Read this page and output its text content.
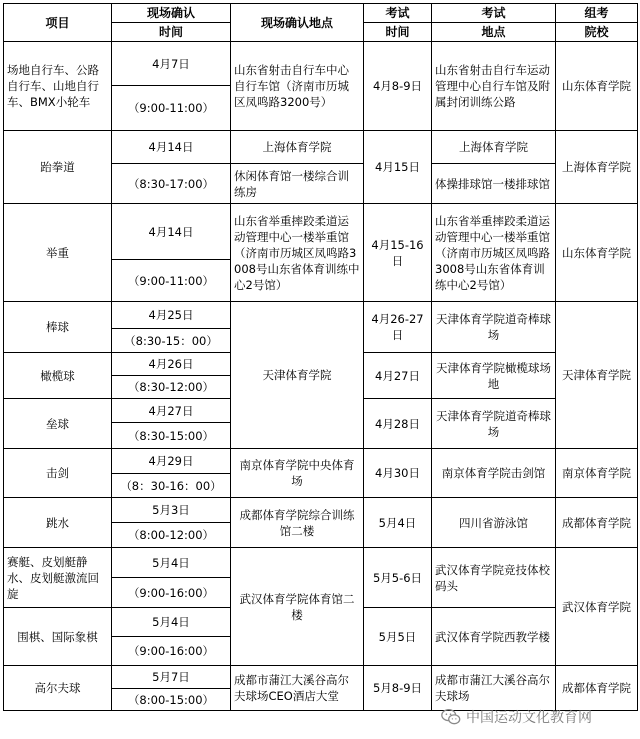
项目	现场确认	现场确认地点	考试	考试	组考
	时间		时间	地点	院校
场地自行车、公路自行车、山地自行车、BMX小轮车	4月7日	山东省射击自行车中心自行车馆（济南市历城区凤鸣路3200号）	4月8-9日	山东省射击自行车运动管理中心自行车馆及附属封闭训练公路	山东体育学院
	（9:00-11:00）				
跆拳道	4月14日	上海体育学院	4月15日	上海体育学院	上海体育学院
	（8:30-17:00）	休闲体育馆一楼综合训练房		体操排球馆一楼排球馆	
举重	4月14日	山东省举重摔跤柔道运动管理中心一楼举重馆（济南市历城区凤鸣路3008号山东省体育训练中心2号馆）	4月15-16日	山东省举重摔跤柔道运动管理中心一楼举重馆（济南市历城区凤鸣路3008号山东省体育训练中心2号馆）	山东体育学院
	（9:00-11:00）				
棒球	4月25日	天津体育学院	4月26-27日	天津体育学院道奇棒球场	天津体育学院
	（8:30-15：00）				
橄榄球	4月26日		4月27日	天津体育学院橄榄球场地	
	（8:30-12:00）				
垒球	4月27日		4月28日	天津体育学院道奇棒球场	
	（8:30-15:00）				
击剑	4月29日	南京体育学院中央体育场	4月30日	南京体育学院击剑馆	南京体育学院
	（8：30-16：00）				
跳水	5月3日	成都体育学院综合训练馆二楼	5月4日	四川省游泳馆	成都体育学院
	（8:00-12:00）				
赛艇、皮划艇静水、皮划艇激流回旋	5月4日	武汉体育学院体育馆二楼	5月5-6日	武汉体育学院竞技体校码头	武汉体育学院
	（9:00-16:00）				
围棋、国际象棋	5月4日		5月5日	武汉体育学院西教学楼	
	（9:00-16:00）				
高尔夫球	5月7日	成都市蒲江大溪谷高尔夫球场CEO酒店大堂	5月8-9日	成都市蒲江大溪谷高尔夫球场	成都体育学院
	（8:00-15:00）				
中国运动文化教育网
